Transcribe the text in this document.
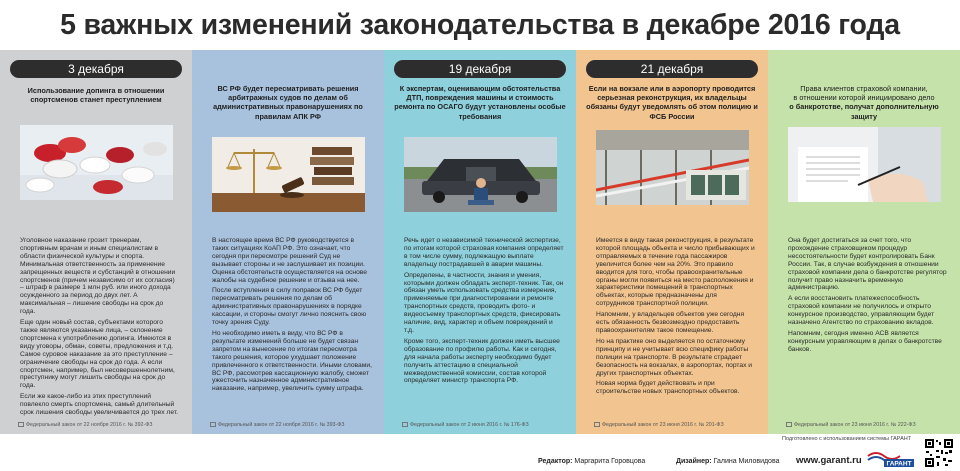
5 важных изменений законодательства в декабре 2016 года
3 декабря
Использование допинга в отношении спортсменов станет преступлением

Уголовное наказание грозит тренерам, спортивным врачам и иным специалистам в области физической культуры и спорта. Минимальная ответственность за применение запрещенных веществ и субстанций в отношении спортсменов (причем независимо от их согласия) – штраф в размере 1 млн руб. или иного дохода осужденного за период до двух лет. А максимальная – лишение свободы на срок до года.

Еще один новый состав, субъектами которого также являются указанные лица, – склонение спортсмена к употреблению допинга. Имеются в виду уговоры, обман, советы, предложения и т.д. Самое суровое наказание за это преступление – ограничение свободы на срок до года. А если спортсмен, например, был несовершеннолетним, преступнику могут лишить свободы на срок до года.

Если же какое-либо из этих преступлений повлекло смерть спортсмена, самый длительный срок лишения свободы увеличивается до трех лет.

Федеральный закон от 22 ноября 2016 г. № 392-ФЗ
ВС РФ будет пересматривать решения арбитражных судов по делам об административных правонарушениях по правилам АПК РФ

В настоящее время ВС РФ руководствуется в таких ситуациях КоАП РФ. Это означает, что сегодня при пересмотре решений Суд не вызывает стороны и не заслушивает их позиции. Оценка обстоятельств осуществляется на основе жалобы на судебное решение и отзыва на нее.

После вступления в силу поправок ВС РФ будет пересматривать решения по делам об административных правонарушениях в порядке кассации, и стороны смогут лично пояснить свою точку зрения Суду.

Но необходимо иметь в виду, что ВС РФ в результате изменений больше не будет связан запретом на вынесение по итогам пересмотра такого решения, которое ухудшает положение привлеченного к ответственности. Иными словами, ВС РФ, рассмотрев кассационную жалобу, сможет ужесточить назначенное административное наказание, например, увеличить сумму штрафа.

Федеральный закон от 22 ноября 2016 г. № 393-ФЗ
19 декабря
К экспертам, оценивающим обстоятельства ДТП, повреждения машины и стоимость ремонта по ОСАГО будут установлены особые требования

Речь идет о независимой технической экспертизе, по итогам которой страховая компания определяет в том числе сумму, подлежащую выплате владельцу пострадавшей в аварии машины.

Определены, в частности, знания и умения, которыми должен обладать эксперт-техник. Так, он обязан уметь использовать средства измерения, применяемые при диагностировании и ремонте транспортных средств, проводить фото- и видеосъемку транспортных средств, фиксировать наличие, вид, характер и объем повреждений и т.д.

Кроме того, эксперт-техник должен иметь высшее образование по профилю работы. Как и сегодня, для начала работы эксперту необходимо будет получить аттестацию в специальной межведомственной комиссии, состав которой определяет министр транспорта РФ.

Федеральный закон от 2 июня 2016 г. № 176-ФЗ
21 декабря
Если на вокзале или в аэропорту проводится серьезная реконструкция, их владельцы обязаны будут уведомлять об этом полицию и ФСБ России

Имеется в виду такая реконструкция, в результате которой площадь объекта и число прибывающих и отправляемых в течение года пассажиров увеличится более чем на 20%. Это правило вводится для того, чтобы правоохранительные органы могли появиться на место расположения и характеристики помещений в транспортных объектах, которые предназначены для сотрудников транспортной полиции.

Напомним, у владельцев объектов уже сегодня есть обязанность безвозмездно предоставить правоохранителям такое помещение.

Но на практике оно выделяется по остаточному принципу и не учитывает всю специфику работы полиции на транспорте. В результате страдает безопасность на вокзалах, в аэропортах, портах и других транспортных объектах.

Новая норма будет действовать и при строительстве новых транспортных объектов.

Федеральный закон от 23 июня 2016 г. № 201-ФЗ
Права клиентов страховой компании,
в отношении которой инициировано дело
о банкротстве, получат дополнительную защиту

Она будет достигаться за счет того, что прохождение страховщиком процедур несостоятельности будет контролировать Банк России. Так, в случае возбуждения в отношении страховой компании дела о банкротстве регулятор получит право назначить временную администрацию.

А если восстановить платежеспособность страховой компании не получилось и открыто конкурсное производство, управляющим будет назначено Агентство по страхованию вкладов.

Напомним, сегодня именно АСВ является конкурсным управляющим в делах о банкротстве банков.

Федеральный закон от 23 июня 2016 г. № 222-ФЗ
Редактор: Маргарита Горовцова	Дизайнер: Галина Миловидова
Подготовлено с использованием системы ГАРАНТ
www.garant.ru	ГАРАНТ
